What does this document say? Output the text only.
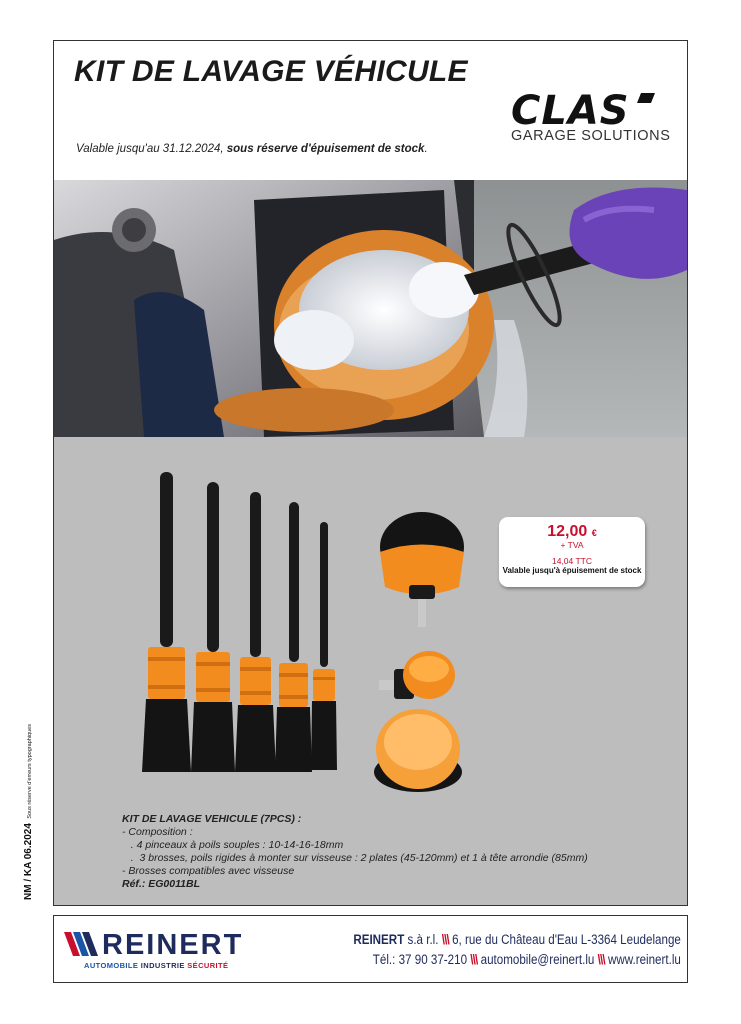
KIT DE LAVAGE VÉHICULE
CLAS
GARAGE SOLUTIONS
Valable jusqu'au 31.12.2024, sous réserve d'épuisement de stock.
12,00 €
+ TVA
14,04 TTC
Valable jusqu'à épuisement de stock
KIT DE LAVAGE VEHICULE (7PCS) :
- Composition :
. 4 pinceaux à poils souples : 10-14-16-18mm
.  3 brosses, poils rigides à monter sur visseuse : 2 plates (45-120mm) et 1 à tête arrondie (85mm)
- Brosses compatibles avec visseuse
Réf.: EG0011BL
NM / KA 06.2024 Sous réserve d'erreurs typographiques
REINERT
AUTOMOBILE INDUSTRIE SÉCURITÉ
REINERT s.à r.l. \\\ 6, rue du Château d'Eau L-3364 Leudelange
Tél.: 37 90 37-210 \\\ automobile@reinert.lu \\\ www.reinert.lu
